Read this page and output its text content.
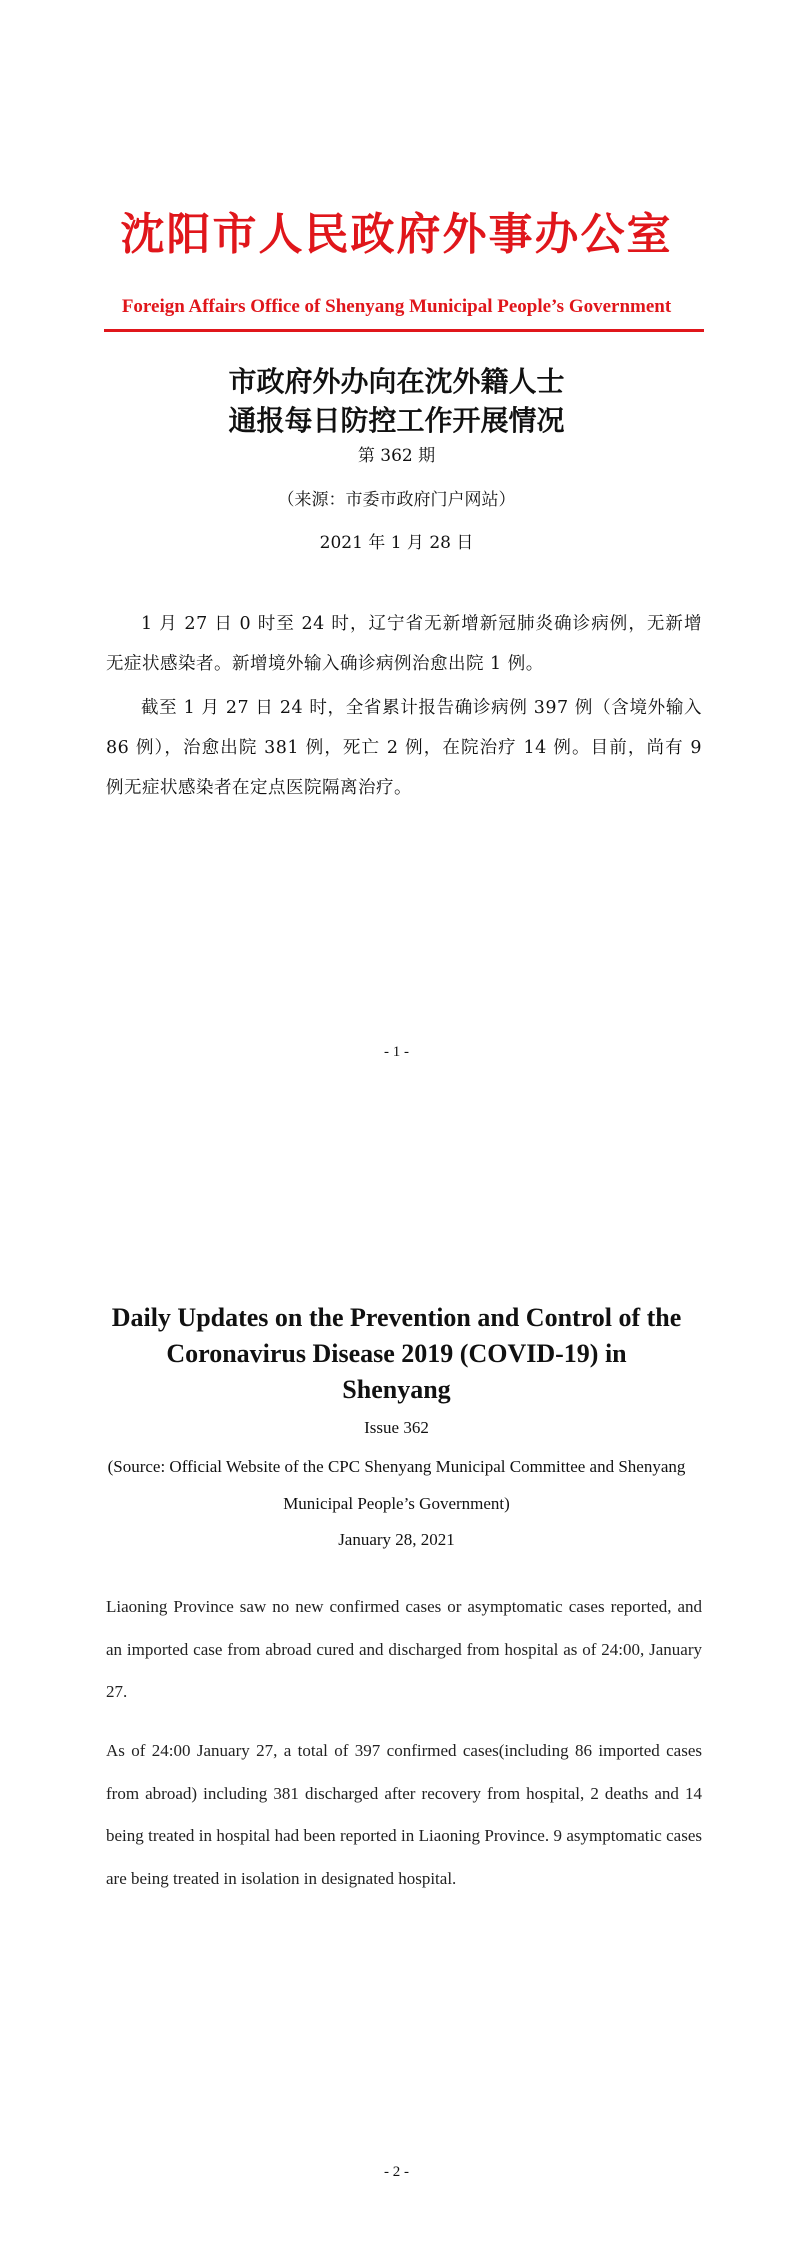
沈阳市人民政府外事办公室
Foreign Affairs Office of Shenyang Municipal People’s Government
市政府外办向在沈外籍人士
通报每日防控工作开展情况
第 362 期
（来源：市委市政府门户网站）
2021 年 1 月 28 日
1 月 27 日 0 时至 24 时，辽宁省无新增新冠肺炎确诊病例，无新增无症状感染者。新增境外输入确诊病例治愈出院 1 例。
截至 1 月 27 日 24 时，全省累计报告确诊病例 397 例（含境外输入 86 例），治愈出院 381 例，死亡 2 例，在院治疗 14 例。目前，尚有 9 例无症状感染者在定点医院隔离治疗。
- 1 -
Daily Updates on the Prevention and Control of the Coronavirus Disease 2019 (COVID-19) in Shenyang
Issue 362
(Source: Official Website of the CPC Shenyang Municipal Committee and Shenyang Municipal People’s Government)
January 28, 2021
Liaoning Province saw no new confirmed cases or asymptomatic cases reported, and an imported case from abroad cured and discharged from hospital as of 24:00, January 27.
As of 24:00 January 27, a total of 397 confirmed cases(including 86 imported cases from abroad) including 381 discharged after recovery from hospital, 2 deaths and 14 being treated in hospital had been reported in Liaoning Province. 9 asymptomatic cases are being treated in isolation in designated hospital.
- 2 -
